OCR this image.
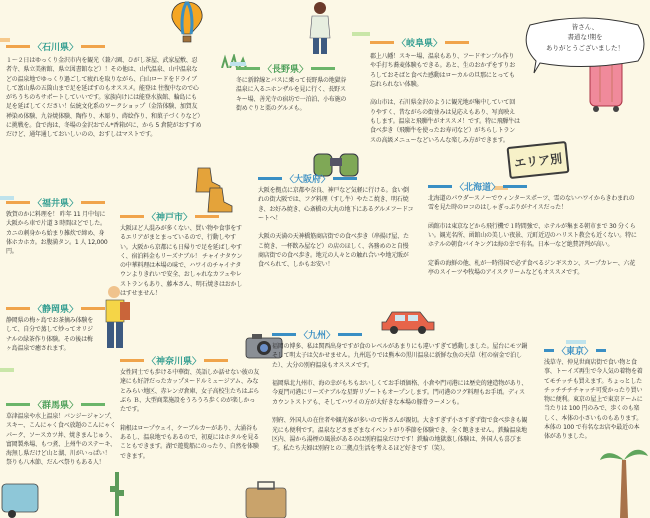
皆さん、
書道な!期を
ありがとうございました！
エリア別
〈石川県〉

１～２日はゆっくり金沢市内を観光（兼六園、ひがし茶屋、武家屋敷、忍者寺、県立美術館、県立図書館など）！その他は、山代温泉、山中温泉などの温泉地でゆっくり過ごして疲れを取りながら、白山ロードをドライブして富山県の五箇山まで足を延ばすのもオススメ。能登は 往復中なので心がちうちのちサポートしていいです。家族向けには能登水族館、輪島にも足を延ばしてください！伝統文化系のワークショップ（金箔体験、加賀友禅染め体験、九谷焼体験、陶作り、木彫り、蒔絵作り、和菓子づくりなど）に挑戦を。食で海は、冬場の金沢おでん*香箱がに、から 5 倉院がおすすめだけど、通年通しておいしいのの、おすしはマストです。

〈長野県〉

冬に新幹線とバスに乗って長野県の地獄谷温泉に入るニホンザルを見に行く、長野スキー場、善光寺の宿坊で一泊泊、小布施の街めぐりと栗のグルメも。

〈岐阜県〉

郡上八幡！スキー場、温泉もあり、フードサンプル作りや手打ち蕎麦体験もできる。あと、生のおかずをすりおろしておそばと食べた感動はローカルの旦那にとっても忘れられない体験。

高山市は、石川県金沢のように観光地が集中していて回りやすく、昔ながらの街並みは見応えもあり、写真映えもします。温泉と飛騨牛がオススメ！です。特に飛騨牛は食べ歩き（飛騨牛を使ったお寿司など）がちらしトランスの高級メニューなどいろんな楽しみ方ができます。

〈大阪府〉

大阪を拠点に京都や奈良、神戸など気軽に行ける。食い倒れの街大阪では、フグ料理（すし牛）やたこ焼き、明石焼き、お好み焼き、心斎橋の大丸の地下にあるグルメフードコートへ！

大阪の天満の天神橋筋商店街での食べ歩き（串揚げ屋、たこ焼き、一杯飲み屋など）の店のほしく、各務めのと自慢商店街での食べ歩き。地元の人々との触れ合いや地元販が食べられて、しかもお安い！

〈北海道〉

北海道のパウダースノーでウィンタースポーツ、雪のないハワイからきわまれの雪を見た時のロコのはしゃぎっぷりがナイスだった！

函館市は東京などから飛行機で１時間強で、ホテルが集まる朝市まで 30 分くらい。観光名所、函館山の美しい夜景、元町近辺のハリスト教会も近くない。特にホテルの朝食バイキングは海の幸で有名。日本一など絶賛評判が高い。

定番の海鮮の他、札が一時得国で必ず食べるジンギスカン、スープカレー、六花亭のスイーツや牧場のアイスクリームなどもオススメです。

〈福井県〉

敦賀のかに料理を！ 昨年 11 月中旬に大阪から車で片道 3 時間ほどでした。カニの刺身から始まり雑炊で締め、身体ホカホカ。お腹満タン。1 人 12,000 円。

〈神戸市〉

大阪ほど人混みが多くない、買い物や食事をするエリアがまとまっているので、行動しやすい。大阪から京都にも日帰りで足を延ばしやすく、宿泊料金もリーズナブル！ チャイナタウンの中華料理は本場の味で、ハワイのチャイナタウンよりきれいで安全、おしゃれなカフェやレストランもあり、藤本さん、明石焼きはおかしはすせません！

〈静岡県〉

静岡県の梅ヶ島でお茶摘み体験をして、自分で蒸して炒ってオリジナルの緑茶作り体験。その後は梅ヶ島温泉で癒されます。

〈神奈川県〉

女性同士でも歩ける中華街、英語しか話せない彼の友達にも好評だったカップヌードルミュージアム、みなとみらい地区、赤レンガ倉庫、女子高校生たちはぶらぶら Ｂ、大型商業施設をうろうろ歩くのが楽しかったです。

箱根はロープウェイ、ケーブルカーがあり、大涌谷もあるし、温泉地でもあるので、初夏にはホタルを見ることもできます。湖で遊覧船にのったり、自然を体験できます。

〈九州〉

福岡の博多、私は関西出身ですが食のレベルがあまりにも違いすぎて感動しました。屋台にモツ鍋そして明太子は欠かせません。九州巡りでは熊本の黒川温泉に新鮮な魚の天草（杠の宿金で泊した）、大分の別府温泉もオススメです。

福岡県北九州市、海の幸がもちもおいしくてお手頃価格、小倉や門司港には歴史的建造物があり、今夏門司港にリーズナブルな星野リゾートもオープンします。門司港のフグ料理もお手頃。ディスカウントストアも、そしてハワイの方が大好きな本場の豚骨ラーメンも。

別府、外国人の在住者や観光客が多いので皆さんが親切。大きすぎず小さすぎず街で食べ歩きも観光にも便利です。温泉などさまざまなイベントがり季節を体験でき、全く飽きません。鉄輪温泉地区内、湯から湯煙の風景があるのは別府温泉だけです！鉄輪の地獄蒸し体験は、外国人も喜びます。私たち夫婦は別府との二拠点生活を考えるほど好きです（笑）。

〈群馬県〉

草津温泉や水上温泉！バンジージャンプ、スキー、こんにゃく食べ放題のこんにゃくパーク、ソースカツ丼、焼きまんじゅう、富岡製糸場、もつ煮、上州牛のステーキ、海無し県だけど山と湖、川がいっぱい！祭りも八木節、だんべ祭りもある人！

〈東京〉

浅草寺、仲見世商店街で食い物と食事、トーイズ再生で今人気の着物を着てモチッチも買えます。ちょっとしたチッチチチチャッチ可愛かったり買い物に便利。東京の屋上で東京ドームに当たりは 100 円のみで、歩くのも楽しく、本体の小さいものもあります。本体の 100 で有名なお店や最近の本体がありました。
